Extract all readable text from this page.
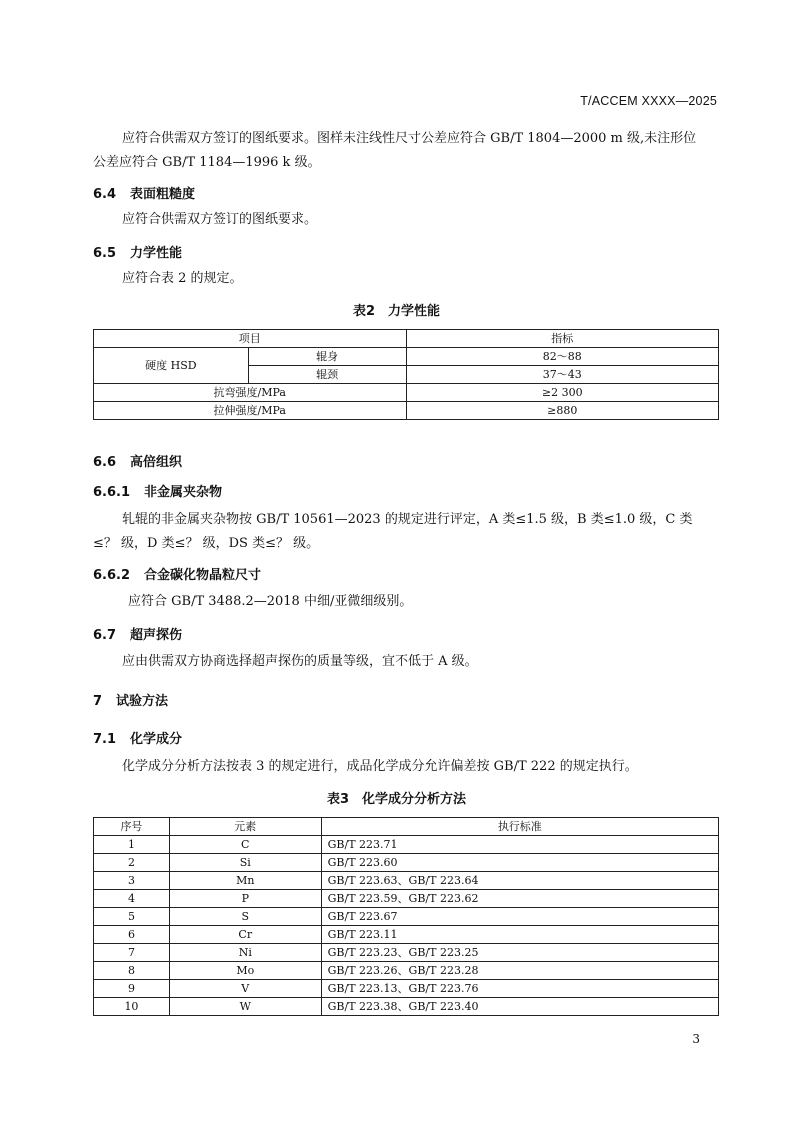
T/ACCEM XXXX—2025
应符合供需双方签订的图纸要求。图样未注线性尺寸公差应符合 GB/T 1804—2000 m 级,未注形位
公差应符合 GB/T 1184—1996 k 级。
6.4 表面粗糙度
应符合供需双方签订的图纸要求。
6.5 力学性能
应符合表 2 的规定。
表2　力学性能
项目		指标
硬度 HSD	辊身	82～88
	辊颈	37～43
抗弯强度/MPa		≥2 300
拉伸强度/MPa		≥880
6.6 高倍组织
6.6.1 非金属夹杂物
轧辊的非金属夹杂物按 GB/T 10561—2023 的规定进行评定，A 类≤1.5 级，B 类≤1.0 级，C 类
≤？ 级，D 类≤？ 级，DS 类≤？ 级。
6.6.2 合金碳化物晶粒尺寸
应符合 GB/T 3488.2—2018 中细/亚微细级别。
6.7 超声探伤
应由供需双方协商选择超声探伤的质量等级，宜不低于 A 级。
7 试验方法
7.1 化学成分
化学成分分析方法按表 3 的规定进行，成品化学成分允许偏差按 GB/T 222 的规定执行。
表3　化学成分分析方法
序号	元素	执行标准
1	C	GB/T 223.71
2	Si	GB/T 223.60
3	Mn	GB/T 223.63、GB/T 223.64
4	P	GB/T 223.59、GB/T 223.62
5	S	GB/T 223.67
6	Cr	GB/T 223.11
7	Ni	GB/T 223.23、GB/T 223.25
8	Mo	GB/T 223.26、GB/T 223.28
9	V	GB/T 223.13、GB/T 223.76
10	W	GB/T 223.38、GB/T 223.40
3
